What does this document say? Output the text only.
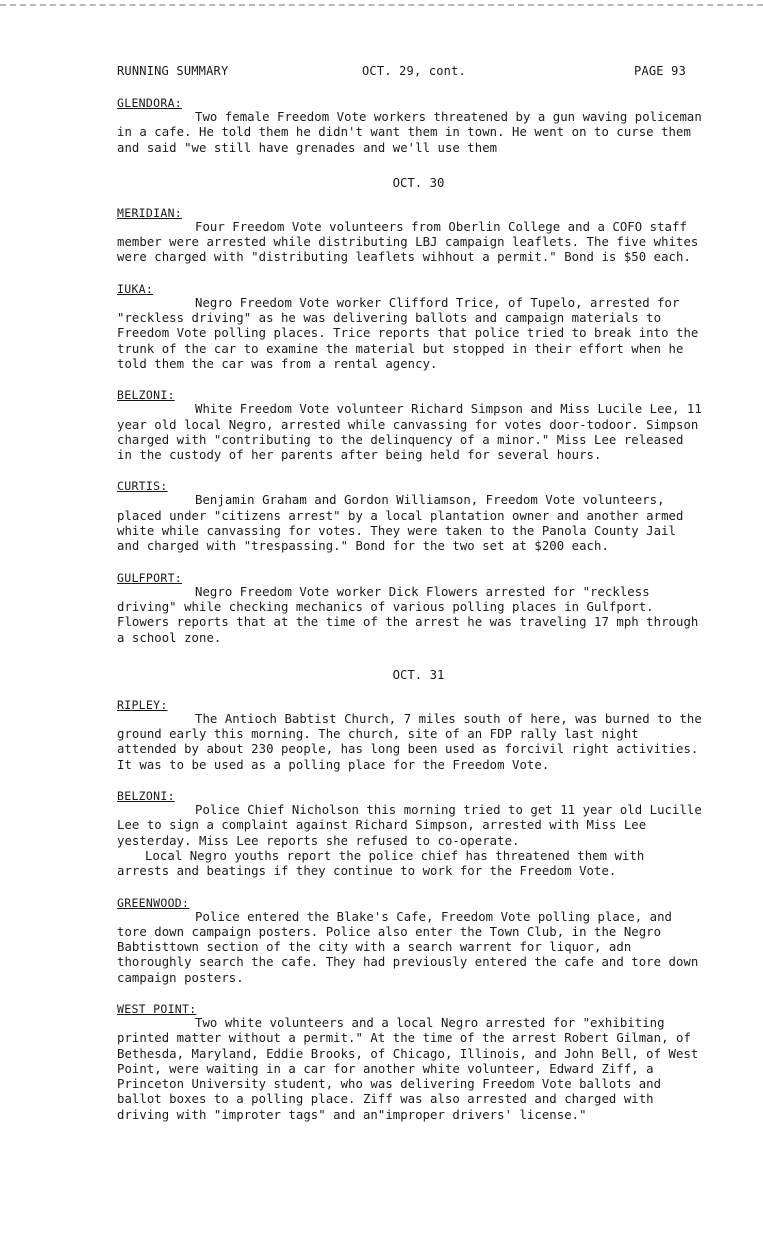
RUNNING SUMMARY	OCT. 29, cont.	PAGE 93
GLENDORA:

Two female Freedom Vote workers threatened by a gun waving policeman in a cafe. He told them he didn't want them in town. He went on to curse them and said "we still have grenades and we'll use them

OCT. 30
MERIDIAN:

Four Freedom Vote volunteers from Oberlin College and a COFO staff member were arrested while distributing LBJ campaign leaflets. The five whites were charged with "distributing leaflets wihhout a permit." Bond is $50 each.

IUKA:

Negro Freedom Vote worker Clifford Trice, of Tupelo, arrested for "reckless driving" as he was delivering ballots and campaign materials to Freedom Vote polling places. Trice reports that police tried to break into the trunk of the car to examine the material but stopped in their effort when he told them the car was from a rental agency.

BELZONI:

White Freedom Vote volunteer Richard Simpson and Miss Lucile Lee, 11 year old local Negro, arrested while canvassing for votes door-todoor. Simpson charged with "contributing to the delinquency of a minor." Miss Lee released in the custody of her parents after being held for several hours.

CURTIS:

Benjamin Graham and Gordon Williamson, Freedom Vote volunteers, placed under "citizens arrest" by a local plantation owner and another armed white while canvassing for votes. They were taken to the Panola County Jail and charged with "trespassing." Bond for the two set at $200 each.

GULFPORT:

Negro Freedom Vote worker Dick Flowers arrested for "reckless driving" while checking mechanics of various polling places in Gulfport. Flowers reports that at the time of the arrest he was traveling 17 mph through a school zone.

OCT. 31
RIPLEY:

The Antioch Babtist Church, 7 miles south of here, was burned to the ground early this morning. The church, site of an FDP rally last night attended by about 230 people, has long been used as forcivil right activities. It was to be used as a polling place for the Freedom Vote.

BELZONI:

Police Chief Nicholson this morning tried to get 11 year old Lucille Lee to sign a complaint against Richard Simpson, arrested with Miss Lee yesterday. Miss Lee reports she refused to co-operate.

Local Negro youths report the police chief has threatened them with arrests and beatings if they continue to work for the Freedom Vote.

GREENWOOD:

Police entered the Blake's Cafe, Freedom Vote polling place, and tore down campaign posters. Police also enter the Town Club, in the Negro Babtisttown section of the city with a search warrent for liquor, adn thoroughly search the cafe. They had previously entered the cafe and tore down campaign posters.

WEST POINT:

Two white volunteers and a local Negro arrested for "exhibiting printed matter without a permit." At the time of the arrest Robert Gilman, of Bethesda, Maryland, Eddie Brooks, of Chicago, Illinois, and John Bell, of West Point, were waiting in a car for another white volunteer, Edward Ziff, a Princeton University student, who was delivering Freedom Vote ballots and ballot boxes to a polling place. Ziff was also arrested and charged with driving with "improter tags" and an"improper drivers' license."
